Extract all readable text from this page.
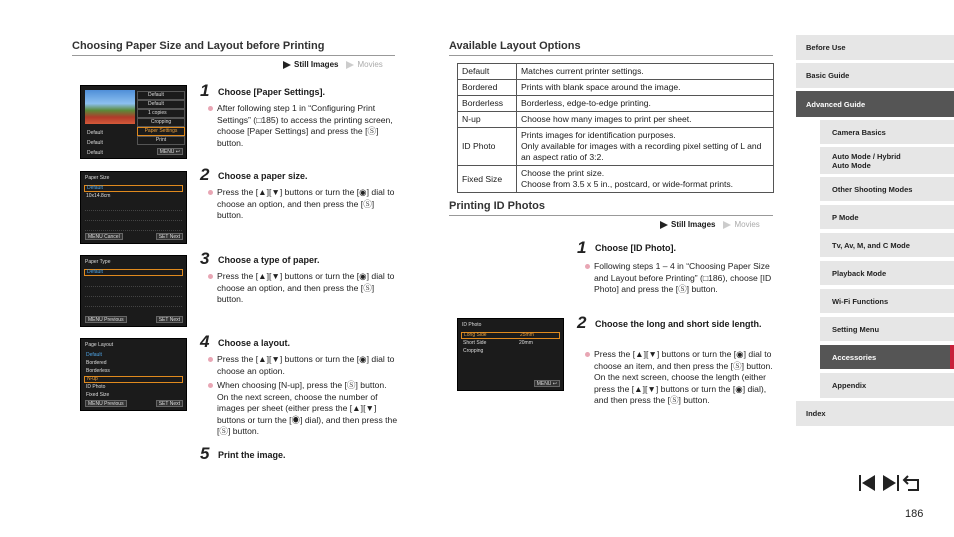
Choosing Paper Size and Layout before Printing
Still Images Movies
Default
Default
1 copies
Cropping
Paper Settings
Print
Default
Default
Default	MENU ↩
Paper Size
Default
10x14.8cm
MENU Cancel	SET Next
Paper Type
Default
MENU Previous	SET Next
Page Layout
Default
Bordered
Borderless
N-up
ID Photo
Fixed Size
MENU Previous	SET Next
1 Choose [Paper Settings].
After following step 1 in “Configuring Print Settings” (□185) to access the printing screen, choose [Paper Settings] and press the [Ⓢ] button.
2 Choose a paper size.
Press the [▲][▼] buttons or turn the [◉] dial to choose an option, and then press the [Ⓢ] button.
3 Choose a type of paper.
Press the [▲][▼] buttons or turn the [◉] dial to choose an option, and then press the [Ⓢ] button.
4 Choose a layout.
Press the [▲][▼] buttons or turn the [◉] dial to choose an option.
When choosing [N-up], press the [Ⓢ] button. On the next screen, choose the number of images per sheet (either press the [▲][▼] buttons or turn the [◉] dial), and then press the [Ⓢ] button.
5 Print the image.
Available Layout Options
Default	Matches current printer settings.
Bordered	Prints with blank space around the image.
Borderless	Borderless, edge-to-edge printing.
N-up	Choose how many images to print per sheet.
ID Photo	Prints images for identification purposes.
Only available for images with a recording pixel setting of L and an aspect ratio of 3:2.

Fixed Size	Choose the print size.
Choose from 3.5 x 5 in., postcard, or wide-format prints.
Printing ID Photos
Still Images Movies
1 Choose [ID Photo].
Following steps 1 – 4 in “Choosing Paper Size and Layout before Printing” (□186), choose [ID Photo] and press the [Ⓢ] button.
2 Choose the long and short side length.
Press the [▲][▼] buttons or turn the [◉] dial to choose an item, and then press the [Ⓢ] button. On the next screen, choose the length (either press the [▲][▼] buttons or turn the [◉] dial), and then press the [Ⓢ] button.
ID Photo
Long Side	25mm
Short Side	20mm
Cropping
MENU ↩
Before Use
Basic Guide
Advanced Guide
Camera Basics
Auto Mode / Hybrid Auto Mode
Other Shooting Modes
P Mode
Tv, Av, M, and C Mode
Playback Mode
Wi-Fi Functions
Setting Menu
Accessories
Appendix
Index
186
